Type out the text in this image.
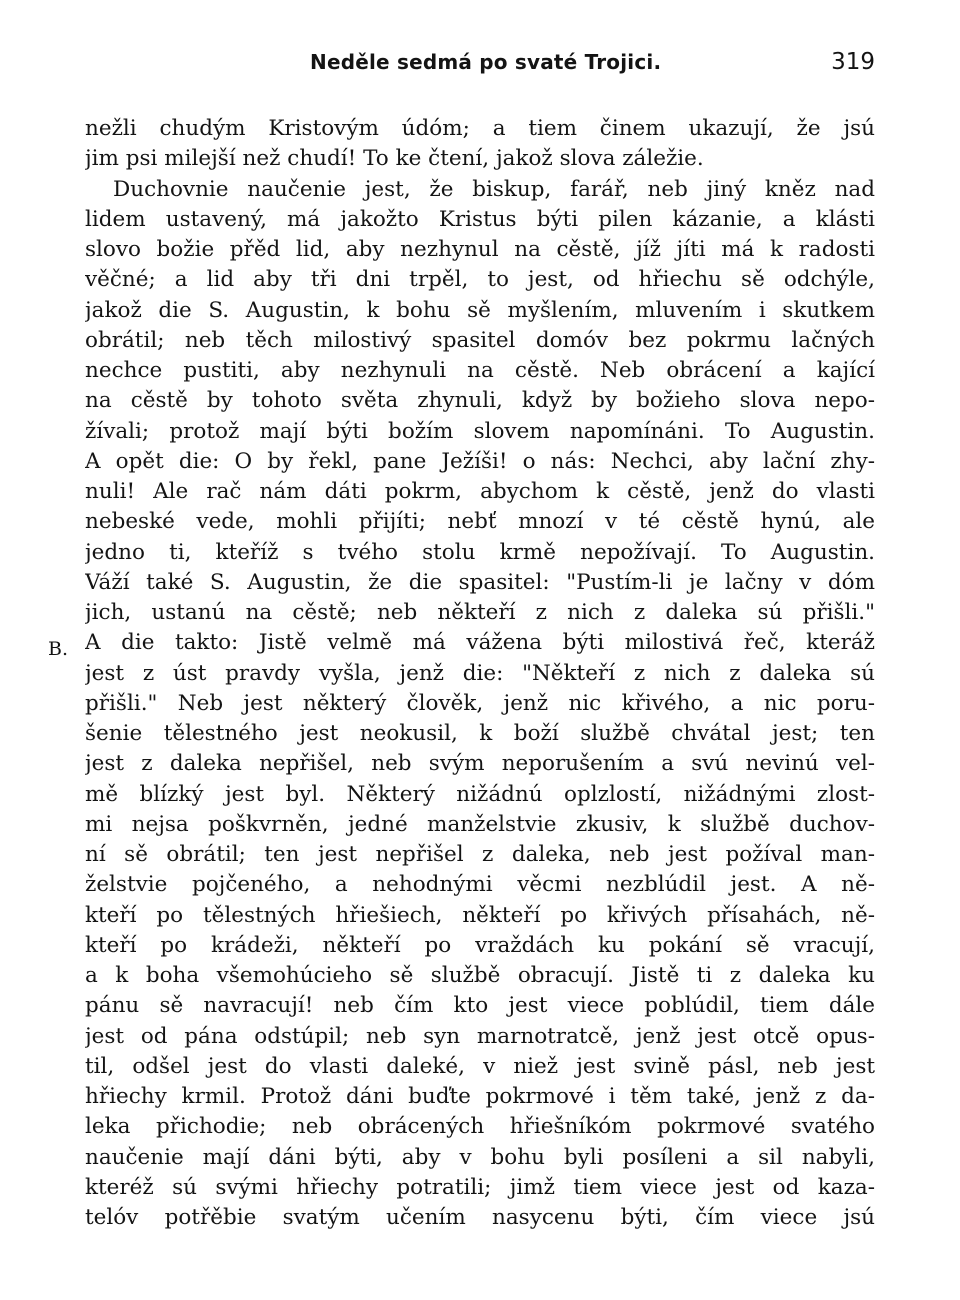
Neděle sedmá po svaté Trojici.	319
B.
nežli chudým Kristovým údóm; a tiem činem ukazují, že jsú
jim psi milejší než chudí! To ke čtení, jakož slova záležie.
Duchovnie naučenie jest, že biskup, farář, neb jiný kněz nad
lidem ustavený, má jakožto Kristus býti pilen kázanie, a klásti
slovo božie přěd lid, aby nezhynul na cěstě, jíž jíti má k radosti
věčné; a lid aby tři dni trpěl, to jest, od hřiechu sě odchýle,
jakož die S. Augustin, k bohu sě myšlením, mluvením i skutkem
obrátil; neb těch milostivý spasitel domóv bez pokrmu lačných
nechce pustiti, aby nezhynuli na cěstě. Neb obrácení a kající
na cěstě by tohoto světa zhynuli, když by božieho slova nepo-
žívali; protož mají býti božím slovem napomínáni. To Augustin.
A opět die: O by řekl, pane Ježíši! o nás: Nechci, aby lační zhy-
nuli! Ale rač nám dáti pokrm, abychom k cěstě, jenž do vlasti
nebeské vede, mohli přijíti; nebť mnozí v té cěstě hynú, ale
jedno ti, kteříž s tvého stolu krmě nepožívají. To Augustin.
Váží také S. Augustin, že die spasitel: "Pustím-li je lačny v dóm
jich, ustanú na cěstě; neb někteří z nich z daleka sú přišli."
A die takto: Jistě velmě má vážena býti milostivá řeč, kteráž
jest z úst pravdy vyšla, jenž die: "Někteří z nich z daleka sú
přišli." Neb jest některý člověk, jenž nic křivého, a nic poru-
šenie tělestného jest neokusil, k boží službě chvátal jest; ten
jest z daleka nepřišel, neb svým neporušením a svú nevinú vel-
mě blízký jest byl. Některý nižádnú oplzlostí, nižádnými zlost-
mi nejsa poškvrněn, jedné manželstvie zkusiv, k službě duchov-
ní sě obrátil; ten jest nepřišel z daleka, neb jest požíval man-
želstvie pojčeného, a nehodnými věcmi nezblúdil jest. A ně-
kteří po tělestných hřiešiech, někteří po křivých přísahách, ně-
kteří po krádeži, někteří po vraždách ku pokání sě vracují,
a k boha všemohúcieho sě službě obracují. Jistě ti z daleka ku
pánu sě navracují! neb čím kto jest viece poblúdil, tiem dále
jest od pána odstúpil; neb syn marnotratcě, jenž jest otcě opus-
til, odšel jest do vlasti daleké, v niež jest svině pásl, neb jest
hřiechy krmil. Protož dáni buďte pokrmové i těm také, jenž z da-
leka přichodie; neb obrácených hřiešníkóm pokrmové svatého
naučenie mají dáni býti, aby v bohu byli posíleni a sil nabyli,
kteréž sú svými hřiechy potratili; jimž tiem viece jest od kaza-
telóv potřěbie svatým učením nasycenu býti, čím viece jsú
